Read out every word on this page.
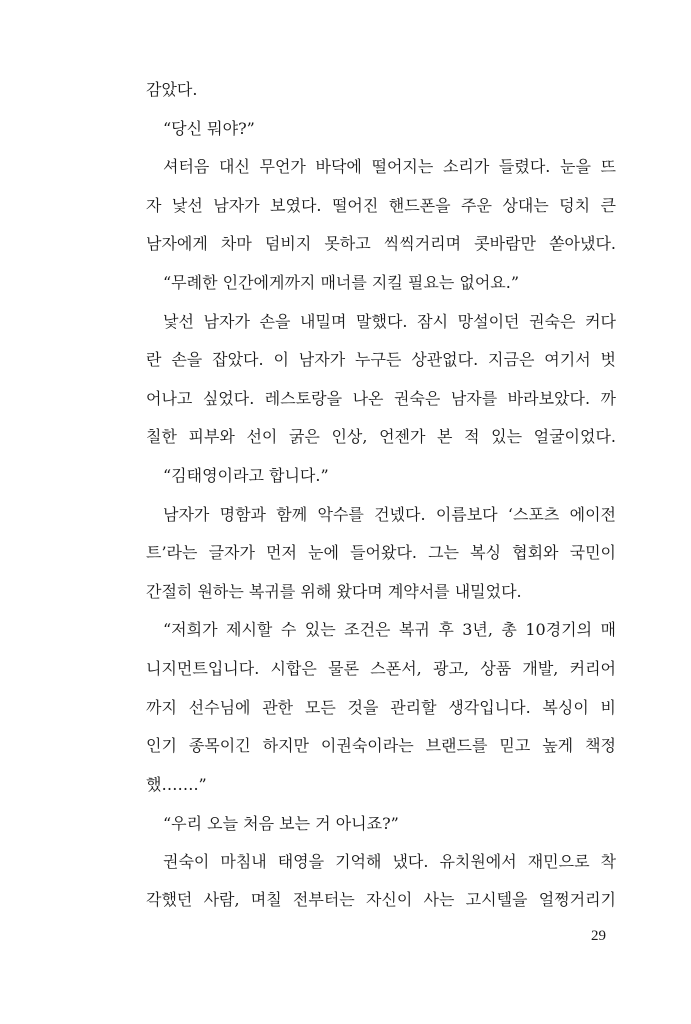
감았다.
“당신 뭐야?”
셔터음 대신 무언가 바닥에 떨어지는 소리가 들렸다. 눈을 뜨
자 낯선 남자가 보였다. 떨어진 핸드폰을 주운 상대는 덩치 큰
남자에게 차마 덤비지 못하고 씩씩거리며 콧바람만 쏟아냈다.
“무례한 인간에게까지 매너를 지킬 필요는 없어요.”
낯선 남자가 손을 내밀며 말했다. 잠시 망설이던 권숙은 커다
란 손을 잡았다. 이 남자가 누구든 상관없다. 지금은 여기서 벗
어나고 싶었다. 레스토랑을 나온 권숙은 남자를 바라보았다. 까
칠한 피부와 선이 굵은 인상, 언젠가 본 적 있는 얼굴이었다.
“김태영이라고 합니다.”
남자가 명함과 함께 악수를 건넸다. 이름보다 ‘스포츠 에이전
트’라는 글자가 먼저 눈에 들어왔다. 그는 복싱 협회와 국민이
간절히 원하는 복귀를 위해 왔다며 계약서를 내밀었다.
“저희가 제시할 수 있는 조건은 복귀 후 3년, 총 10경기의 매
니지먼트입니다. 시합은 물론 스폰서, 광고, 상품 개발, 커리어
까지 선수님에 관한 모든 것을 관리할 생각입니다. 복싱이 비
인기 종목이긴 하지만 이권숙이라는 브랜드를 믿고 높게 책정
했…….”
“우리 오늘 처음 보는 거 아니죠?”
권숙이 마침내 태영을 기억해 냈다. 유치원에서 재민으로 착
각했던 사람, 며칠 전부터는 자신이 사는 고시텔을 얼쩡거리기
29
